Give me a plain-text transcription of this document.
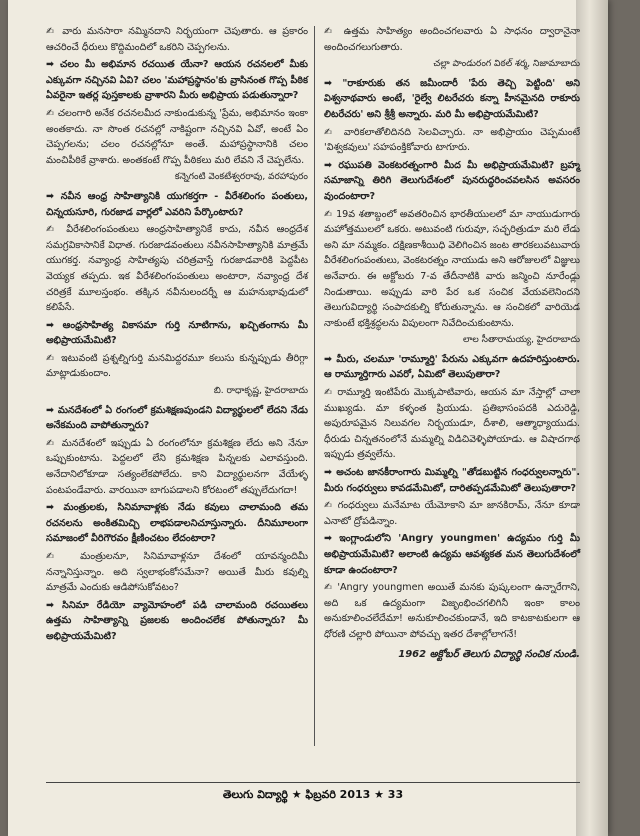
✍ వారు మనసారా నమ్మినదాని నిర్భయంగా చెపుతారు. ఆ ప్రకారం ఆచరించే ధీరులు కొద్దిమందిలో ఒకరిని చెప్పగలను.
➡ చలం మీ అభిమాన రచయిత యేనా? ఆయన రచనలలో మీకు ఎక్కువగా నచ్చినవి ఏవి? చలం 'మహాప్రస్థానం'కు వ్రాసినంత గొప్ప పీఠిక ఏవరైనా ఇతర్ల పుస్తకాలకు వ్రాశారని మీరు అభిప్రాయ పడుతున్నారా?
✍ చలంగారి అనేక రచనలమీద నాకుండుకున్న 'ప్రేమ, అభిమానం ఇంకా అంతకాదు. నా సొంత రచనల్లో నాకిష్టంగా నచ్చినవి ఏవో, అంటే ఏం చెప్పగలను; చలం రచనల్లోనూ అంతే. మహాప్రస్థానానికి చలం మంచిపీఠికే వ్రాశారు. అంతకంటే గొప్ప పీఠికలు మరి లేవని నే చెప్పలేను.
కన్నెగంటి వెంకటేశ్వరరావు, వరహాపురం
➡ నవీన ఆంధ్ర సాహిత్యానికి యుగకర్తగా - వీరేశలింగం పంతులు, చిన్నయసూరి, గురజాడ వార్లలో ఎవరిని పేర్కొంటారు?
✍ వీరేశలింగంపంతులు ఆంధ్రసాహిత్యానికే కాదు, నవీన ఆంధ్రదేశ సమగ్రవికాసానికే విధాత. గురజాడవంతులు నవీనసాహిత్యానికి మాత్రమే యుగకర్త. నవ్యాంధ్ర సాహిత్యపు చరిత్రవాస్తే గురజాడవారికి పెద్దపీట వెయ్యక తప్పదు. ఇక వీరేశలింగంపంతులు అంటారా, నవ్యాంధ్ర దేశ చరిత్రకే మూలస్తంభం. తక్కిన నవీనులందర్నీ ఆ మహనుభావుడులో కలిపేసే.
➡ ఆంధ్రసాహిత్య వికాసమా గుర్తి నూటిగాను, ఖచ్చితంగాను మీ అభిప్రాయమేమిటి?
✍ ఇటువంటి ప్రశ్నల్నిగుర్తి మనమిద్దరమూ కలుసు కున్నప్పుడు తీరిగ్గా మాట్లాడుకుందాం.
బి. రాధాకృష్ణ, హైదరాబాదు
➡ మనదేశంలో ఏ రంగంలో క్రమశిక్షణపుండని విద్యార్థులలో లేదని నేడు అనేకమంది వాపోతున్నారు?
✍ మనదేశంలో ఇప్పుడు ఏ రంగంలోనూ క్రమశిక్షణ లేదు అని నేనూ ఒప్పుకుంటాను. పెద్దలలో లేని క్రమశిక్షణ పిన్నలకు ఎలావస్తుంది. అనేదానిలోకూడా సత్యంలేకపోలేదు. కాని విద్యార్థులనగా వేయేళ్ళ పంటపండేవారు. వారయినా బాగుపడాలని కోరటంలో తప్పులేదుగదా!
➡ మంత్రులకు, సినిమావాళ్లకు నేడు కవులు చాలామంది తమ రచనలను అంకితమిచ్చి లాభపడాలనిచూస్తున్నారు. దీనిమూలంగా సమాజంలో వీరిగౌరవం క్షీణించటం లేదంటారా?
✍ మంత్రులనూ, సినిమావాళ్లనూ దేశంలో యావన్మందిమీ నన్నానిస్తున్నాం. అది స్వలాభంకోసమేనా? అయితే మీరు కవుల్ని మాత్రమే ఎందుకు ఆడిపోసుకోవటం?
➡ సినిమా రేడియో వ్యామోహంలో పడి చాలామంది రచయితలు ఉత్తమ సాహిత్యాన్ని ప్రజలకు అందించలేక పోతున్నారు? మీ అభిప్రాయమేమిటి?
✍ ఉత్తమ సాహిత్యం అందించగలవారు ఏ సాధనం ద్వారానైనా అందించగలుగుతారు.
చల్లా పాండురంగ విఠల్ శర్మ, నిజామాబాదు
➡ "రాకూరుకు తన జమీందారీ 'పేరు తెచ్చి పెట్టింది' అని విశ్వనాథవారు అంటే, 'రైల్వే లిటరేచరు కన్నా హీనమైనది రాకూరు లిటరేచరు' అని శ్రీశ్రీ అన్నారు. మరి మీ అభిప్రాయమేమిటి?
✍ వారికలాతోలిదినది సెలవిచ్చారు. నా అభిప్రాయం చెప్పమంటే 'విశ్వకవులు' సహపంక్తికోవారు టాగూరు.
➡ రఘుపతి వెంకటరత్నంగారి మీద మీ అభిప్రాయమేమిటి? బ్రహ్మ సమాజాన్ని తిరిగి తెలుగుదేశంలో పునరుద్ధరించవలసిన అవసరం వుందంటారా?
✍ 19వ శతాబ్దంలో అవతరించిన భారతీయులలో మా నాయుడుగారు మహోత్తములలో ఒకరు. అటువంటి గురువూ, సచ్ఛరిత్రుడూ మరి లేడు అని మా నమ్మకం. దక్షిణకాశీయిధి వెలిగించిన జంట తారకలువటువారు వీరేశలింగంపంతులు, వెంకటరత్నం నాయుడు అని ఆరోజులలో విజ్ఞులు అనేవారు. ఈ అక్టోబరు 7-వ తేదీనాటికి వారు జన్మించి నూరేండ్లు నిండుతాయి. అప్పుడు వారి పేర ఒక సంచిక వేయవలెనిందని తెలుగువిద్యార్థి సంపాదకుల్ని కోరుతున్నాను. ఆ సంచికలో వారియెడ నాకుంటే భక్తిశ్రద్ధలను విపులంగా నివేదించుకుంటాను.
లాల సీతారామయ్య, హైదరాబాదు
➡ మీరు, చలమూ 'రామ్మూర్తి' పేరును ఎక్కువగా ఉదహరిస్తుంటారు. ఆ రామ్మూర్తిగారు ఎవరో, ఏమిటో తెలుపుతారా?
✍ రామ్మూర్తి ఇంటిపేరు మొక్కపాటివారు, ఆయన మా నేస్తాల్లో చాలా ముఖ్యుడు. మా కళ్ళంత ప్రియుడు. ప్రతిభాసంపదకి ఎదురెడ్డి, అపురూపమైన నిలువగల నిర్భయుడూ, దీశాలి, ఆత్మాధ్యాయుడు. ధీరుడు చిన్నతనంలోనే మమ్మల్ని విడిచివెళ్ళిపోయాడు. ఆ విషాదగాథ ఇప్పుడు త్రవ్వలేను.
➡ అచంట జానకీరాంగారు మిమ్మల్ని "తోడబుట్టిన గంధర్వులన్నారు". మీరు గంధర్వులు కావడమేమిటో, దారితప్పడమేమిటో తెలుపుతారా?
✍ గంధర్వులు మనేమాట యేమోకాని మా జానకిరామ్, నేనూ కూడా ఎనాటో ద్రోపడిన్నాం.
➡ ఇంగ్లాండులోని 'Angry youngmen' ఉద్యమం గుర్తి మీ అభిప్రాయమేమిటి? అలాంటి ఉద్యమ ఆవశ్యకత మన తెలుగుదేశంలో కూడా ఉందంటారా?
✍ 'Angry youngmen అయితే మనకు పుష్కలంగా ఉన్నారేగాని, అది ఒక ఉద్యమంగా విజృంభించగలిగినీ ఇంకా కాలం అనుకూలించలేదేమా! అనుకూలించకుండానే, ఇది కాటకాటకులగా ఆ ధోరణి చల్లారి పోయినా పోవచ్చు ఇతర దేశాల్లోలాగనే!
1962 అక్టోబర్ తెలుగు విద్యార్థి సంచిక నుండి.
తెలుగు విద్యార్థి ★ ఫిబ్రవరి 2013 ★ 33
